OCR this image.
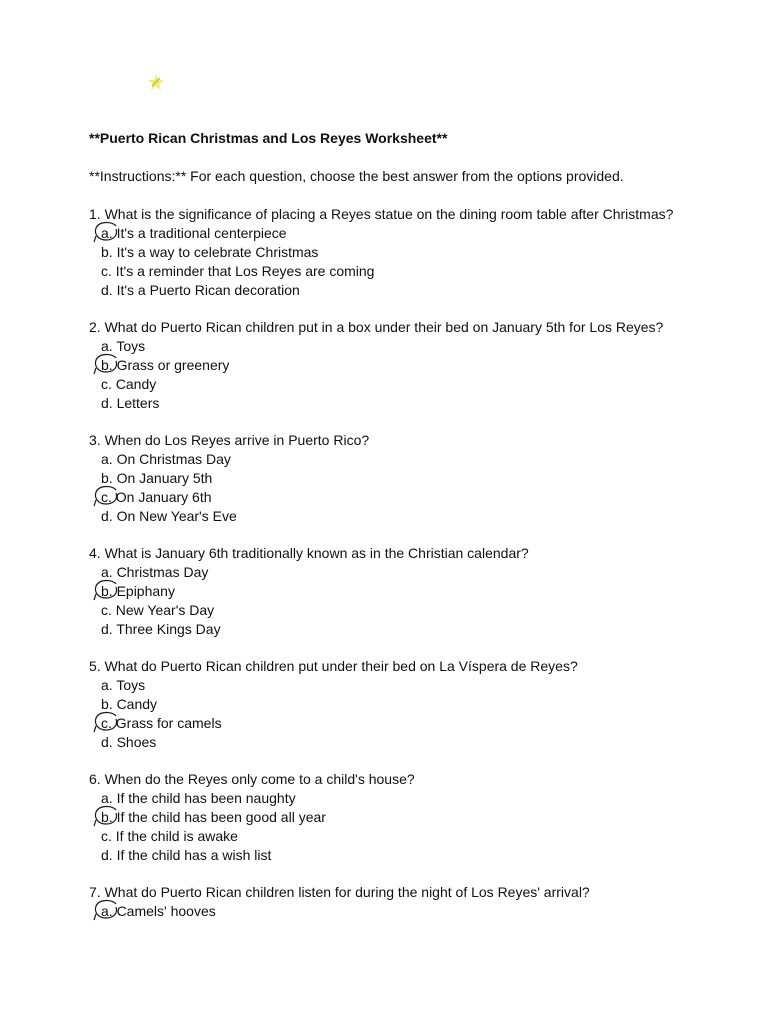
**Puerto Rican Christmas and Los Reyes Worksheet**
**Instructions:** For each question, choose the best answer from the options provided.
1. What is the significance of placing a Reyes statue on the dining room table after Christmas?
a. It's a traditional centerpiece
b. It's a way to celebrate Christmas
c. It's a reminder that Los Reyes are coming
d. It's a Puerto Rican decoration
2. What do Puerto Rican children put in a box under their bed on January 5th for Los Reyes?
a. Toys
b. Grass or greenery
c. Candy
d. Letters
3. When do Los Reyes arrive in Puerto Rico?
a. On Christmas Day
b. On January 5th
c. On January 6th
d. On New Year's Eve
4. What is January 6th traditionally known as in the Christian calendar?
a. Christmas Day
b. Epiphany
c. New Year's Day
d. Three Kings Day
5. What do Puerto Rican children put under their bed on La Víspera de Reyes?
a. Toys
b. Candy
c. Grass for camels
d. Shoes
6. When do the Reyes only come to a child's house?
a. If the child has been naughty
b. If the child has been good all year
c. If the child is awake
d. If the child has a wish list
7. What do Puerto Rican children listen for during the night of Los Reyes' arrival?
a. Camels' hooves
